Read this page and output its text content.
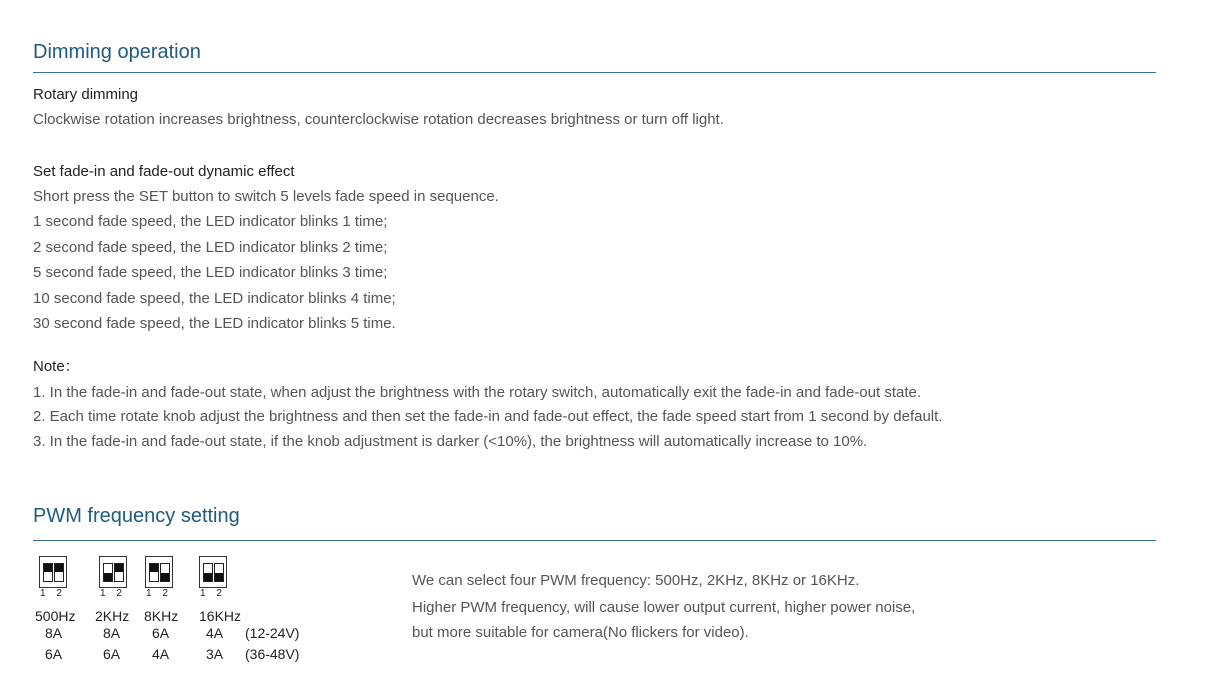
Dimming operation
Rotary dimming
Clockwise rotation increases brightness, counterclockwise rotation decreases brightness or turn off light.
Set fade-in and fade-out dynamic effect
Short press the SET button to switch 5 levels fade speed in sequence.
1 second fade speed, the LED indicator blinks 1 time;
2 second fade speed, the LED indicator blinks 2 time;
5 second fade speed, the LED indicator blinks 3 time;
10 second fade speed, the LED indicator blinks 4 time;
30 second fade speed, the LED indicator blinks 5 time.
Note：
1. In the fade-in and fade-out state, when adjust the brightness with the rotary switch, automatically exit the fade-in and fade-out state.
2. Each time rotate knob adjust the brightness and then set the fade-in and fade-out effect, the fade speed start from 1 second by default.
3. In the fade-in and fade-out state, if the knob adjustment is darker (<10%), the brightness will automatically increase to 10%.
PWM frequency setting
1 2	1 2 1 2	1 2
500Hz 2KHz 8KHz 16KHz
8A	8A 6A	4A (12-24V)
6A	6A 4A	3A (36-48V)
We can select four PWM frequency: 500Hz, 2KHz, 8KHz or 16KHz.
Higher PWM frequency, will cause lower output current, higher power noise,
but more suitable for camera(No flickers for video).
